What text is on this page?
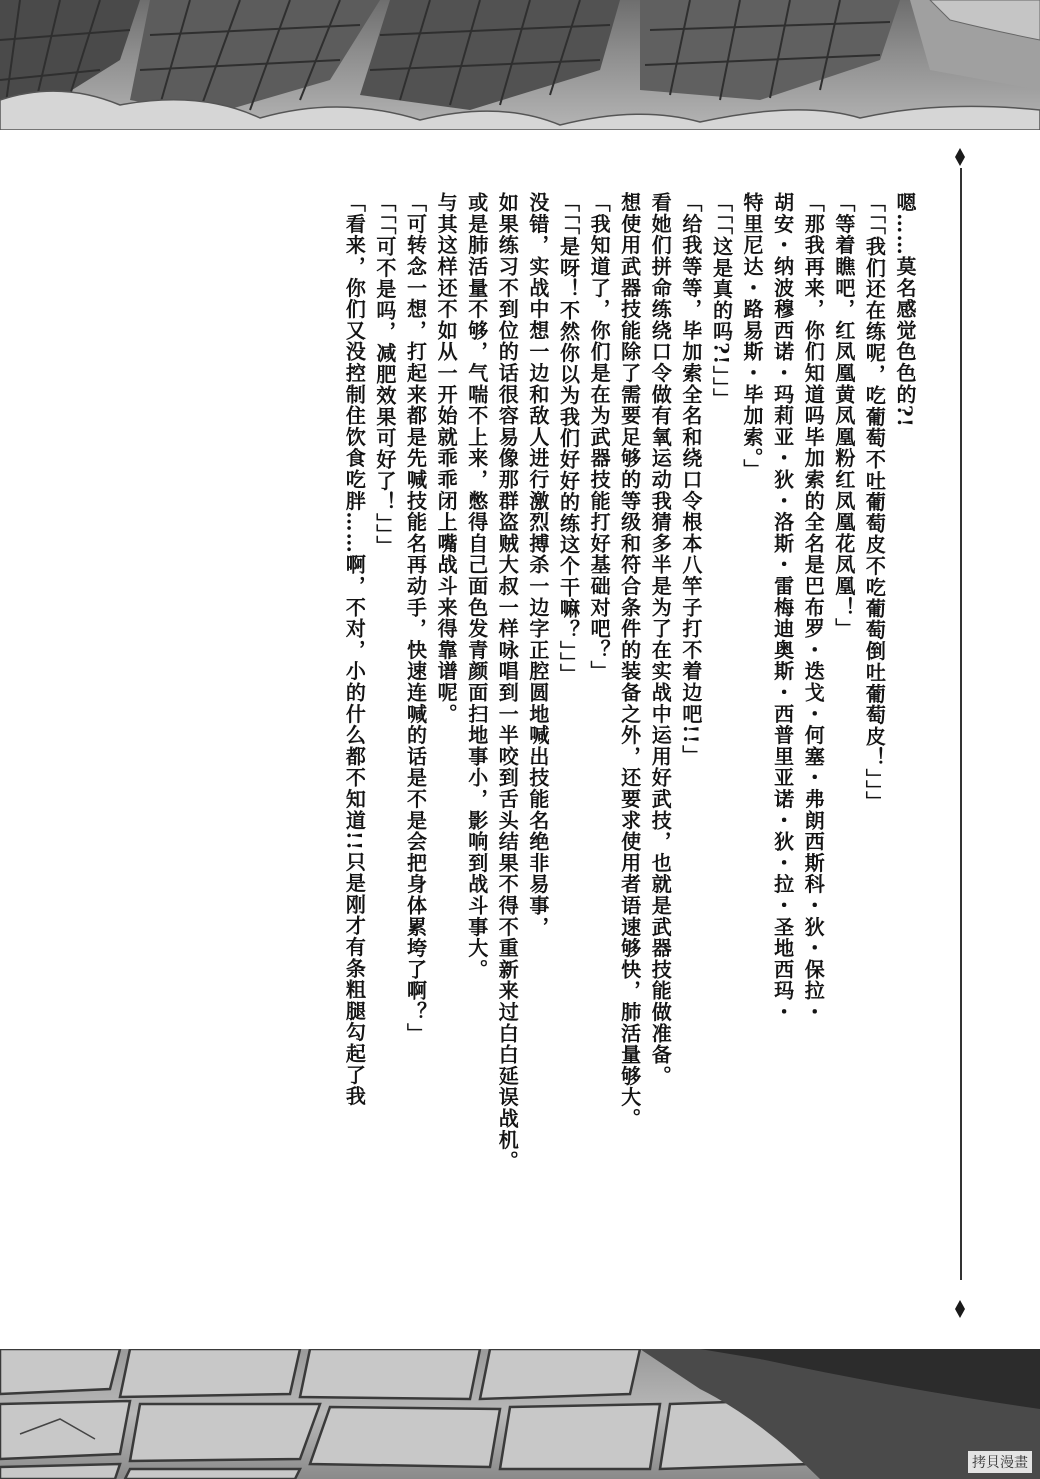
嗯……莫名感觉色色的?!

「「「我们还在练呢，吃葡萄不吐葡萄皮不吃葡萄倒吐葡萄皮！」」」

「等着瞧吧，红凤凰黄凤凰粉红凤凰花凤凰！」

「那我再来，你们知道吗毕加索的全名是巴布罗・迭戈・何塞・弗朗西斯科・狄・保拉・

胡安・纳波穆西诺・玛莉亚・狄・洛斯・雷梅迪奥斯・西普里亚诺・狄・拉・圣地西玛・

特里尼达・路易斯・毕加索。」

「「「这是真的吗?!」」」

「给我等等，毕加索全名和绕口令根本八竿子打不着边吧!!」

看她们拼命练绕口令做有氧运动我猜多半是为了在实战中运用好武技，也就是武器技能做准备。

想使用武器技能除了需要足够的等级和符合条件的装备之外，还要求使用者语速够快，肺活量够大。

「我知道了，你们是在为武器技能打好基础对吧？」

「「「是呀！不然你以为我们好好的练这个干嘛？」」」

没错，实战中想一边和敌人进行激烈搏杀一边字正腔圆地喊出技能名绝非易事，

如果练习不到位的话很容易像那群盗贼大叔一样咏唱到一半咬到舌头结果不得不重新来过白白延误战机。

或是肺活量不够，气喘不上来，憋得自己面色发青颜面扫地事小，影响到战斗事大。

与其这样还不如从一开始就乖乖闭上嘴战斗来得靠谱呢。

「可转念一想，打起来都是先喊技能名再动手，快速连喊的话是不是会把身体累垮了啊？」

「「「可不是吗，减肥效果可好了！」」」

「看来，你们又没控制住饮食吃胖……啊，不对，小的什么都不知道!!只是刚才有条粗腿勾起了我

拷貝漫畫
